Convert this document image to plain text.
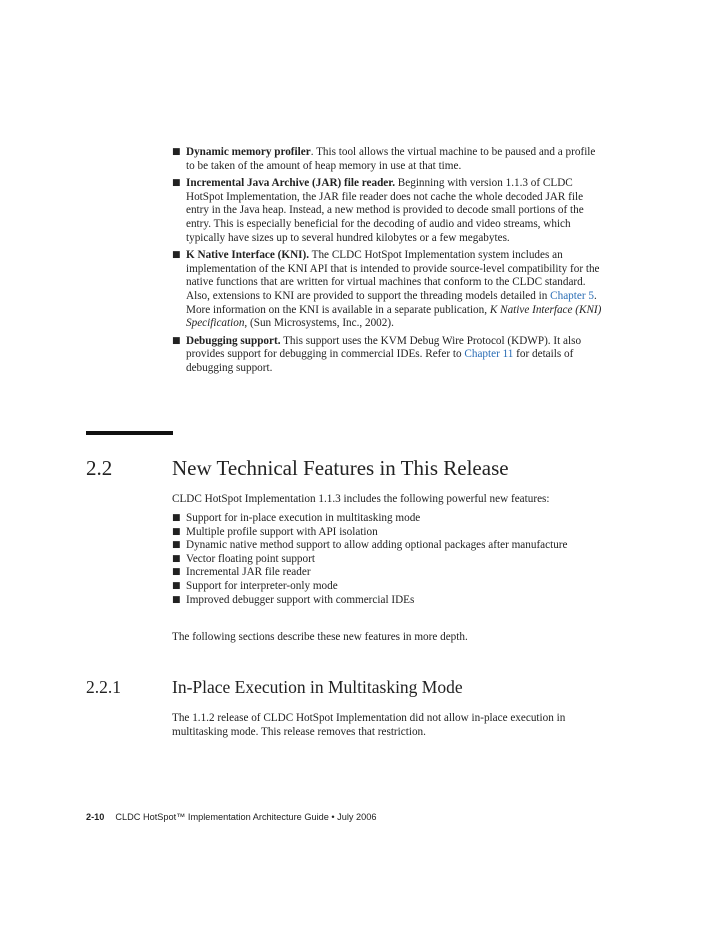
■ Dynamic memory profiler. This tool allows the virtual machine to be paused and a profile to be taken of the amount of heap memory in use at that time.
■ Incremental Java Archive (JAR) file reader. Beginning with version 1.1.3 of CLDC HotSpot Implementation, the JAR file reader does not cache the whole decoded JAR file entry in the Java heap. Instead, a new method is provided to decode small portions of the entry. This is especially beneficial for the decoding of audio and video streams, which typically have sizes up to several hundred kilobytes or a few megabytes.
■ K Native Interface (KNI). The CLDC HotSpot Implementation system includes an implementation of the KNI API that is intended to provide source-level compatibility for the native functions that are written for virtual machines that conform to the CLDC standard. Also, extensions to KNI are provided to support the threading models detailed in Chapter 5. More information on the KNI is available in a separate publication, K Native Interface (KNI) Specification, (Sun Microsystems, Inc., 2002).
■ Debugging support. This support uses the KVM Debug Wire Protocol (KDWP). It also provides support for debugging in commercial IDEs. Refer to Chapter 11 for details of debugging support.
2.2	New Technical Features in This Release

CLDC HotSpot Implementation 1.1.3 includes the following powerful new features:

■ Support for in-place execution in multitasking mode
■ Multiple profile support with API isolation
■ Dynamic native method support to allow adding optional packages after manufacture
■ Vector floating point support
■ Incremental JAR file reader
■ Support for interpreter-only mode
■ Improved debugger support with commercial IDEs

The following sections describe these new features in more depth.

2.2.1	In-Place Execution in Multitasking Mode

The 1.1.2 release of CLDC HotSpot Implementation did not allow in-place execution in multitasking mode. This release removes that restriction.

2-10 CLDC HotSpot™ Implementation Architecture Guide • July 2006
